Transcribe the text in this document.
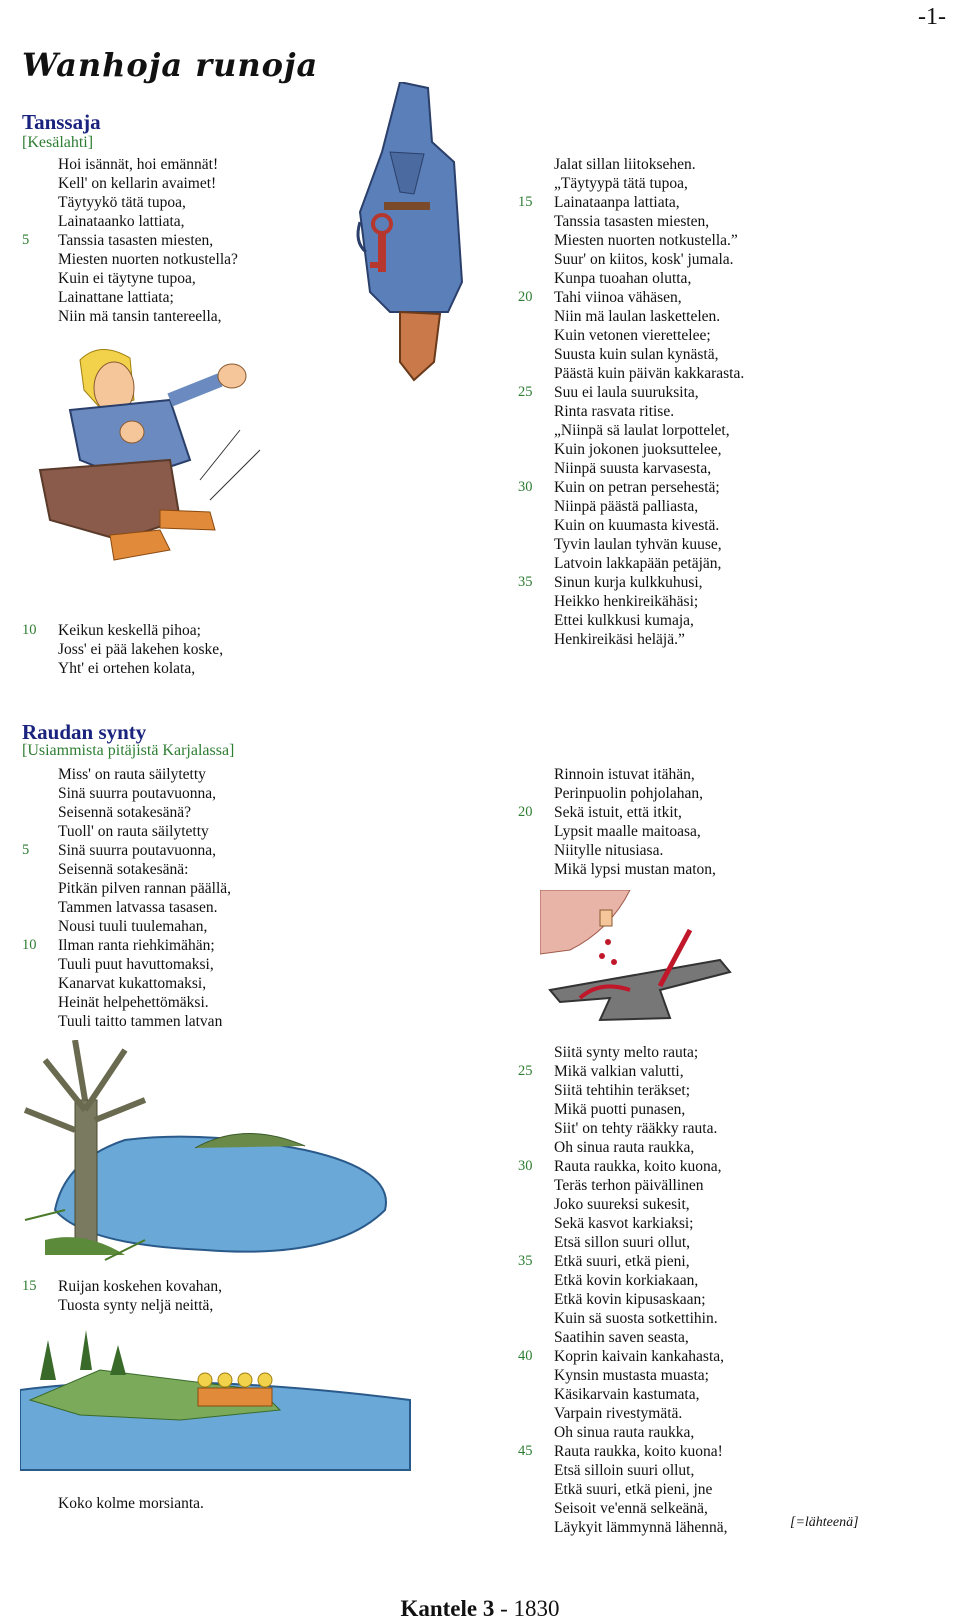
-1-
Wanhoja runoja
Tanssaja
[Kesälahti]
Hoi isännät, hoi emännät!
Kell' on kellarin avaimet!
Täytyykö tätä tupoa,
Lainataanko lattiata,
5	Tanssia tasasten miesten,
Miesten nuorten notkustella?
Kuin ei täytyne tupoa,
Lainattane lattiata;
Niin mä tansin tantereella,
10	Keikun keskellä pihoa;
Joss' ei pää lakehen koske,
Yht' ei ortehen kolata,
Jalat sillan liitoksehen.
„Täytyypä tätä tupoa,
15	Lainataanpa lattiata,
Tanssia tasasten miesten,
Miesten nuorten notkustella.”
Suur' on kiitos, kosk' jumala.
Kunpa tuoahan olutta,
20	Tahi viinoa vähäsen,
Niin mä laulan laskettelen.
Kuin vetonen vierettelee;
Suusta kuin sulan kynästä,
Päästä kuin päivän kakkarasta.
25	Suu ei laula suuruksita,
Rinta rasvata ritise.
„Niinpä sä laulat lorpottelet,
Kuin jokonen juoksuttelee,
Niinpä suusta karvasesta,
30	Kuin on petran persehestä;
Niinpä päästä palliasta,
Kuin on kuumasta kivestä.
Tyvin laulan tyhvän kuuse,
Latvoin lakkapään petäjän,
35	Sinun kurja kulkkuhusi,
Heikko henkireikähäsi;
Ettei kulkkusi kumaja,
Henkireikäsi heläjä.”
Raudan synty
[Usiammista pitäjistä Karjalassa]
Miss' on rauta säilytetty
Sinä suurra poutavuonna,
Seisennä sotakesänä?
Tuoll' on rauta säilytetty
5	Sinä suurra poutavuonna,
Seisennä sotakesänä:
Pitkän pilven rannan päällä,
Tammen latvassa tasasen.
Nousi tuuli tuulemahan,
10	Ilman ranta riehkimähän;
Tuuli puut havuttomaksi,
Kanarvat kukattomaksi,
Heinät helpehettömäksi.
Tuuli taitto tammen latvan
15	Ruijan koskehen kovahan,
Tuosta synty neljä neittä,
Koko kolme morsianta.
Rinnoin istuvat itähän,
Perinpuolin pohjolahan,
20	Sekä istuit, että itkit,
Lypsit maalle maitoasa,
Niitylle nitusiasa.
Mikä lypsi mustan maton,
Siitä synty melto rauta;
25	Mikä valkian valutti,
Siitä tehtihin teräkset;
Mikä puotti punasen,
Siit' on tehty rääkky rauta.
Oh sinua rauta raukka,
30	Rauta raukka, koito kuona,
Teräs terhon päivällinen
Joko suureksi sukesit,
Sekä kasvot karkiaksi;
Etsä sillon suuri ollut,
35	Etkä suuri, etkä pieni,
Etkä kovin korkiakaan,
Etkä kovin kipusaskaan;
Kuin sä suosta sotkettihin.
Saatihin saven seasta,
40	Koprin kaivain kankahasta,
Kynsin mustasta muasta;
Käsikarvain kastumata,
Varpain rivestymätä.
Oh sinua rauta raukka,
45	Rauta raukka, koito kuona!
Etsä silloin suuri ollut,
Etkä suuri, etkä pieni, jne
Seisoit ve'ennä selkeänä,
Läykyit lämmynnä lähennä,	[=lähteenä]
Kantele 3 - 1830
